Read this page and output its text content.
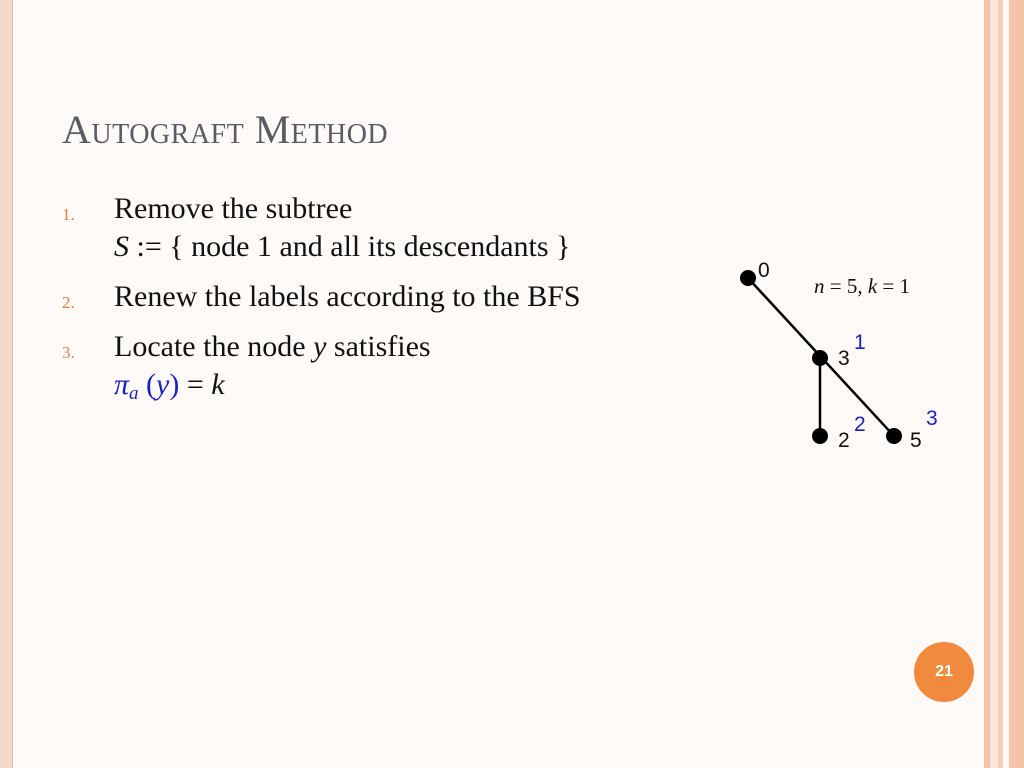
Autograft Method
1. Remove the subtree
S := { node 1 and all its descendants }
2. Renew the labels according to the BFS
3. Locate the node y satisfies
$\pi_a$ (y) = k
0
3
1
2
2
5
3
n = 5, k = 1
21
